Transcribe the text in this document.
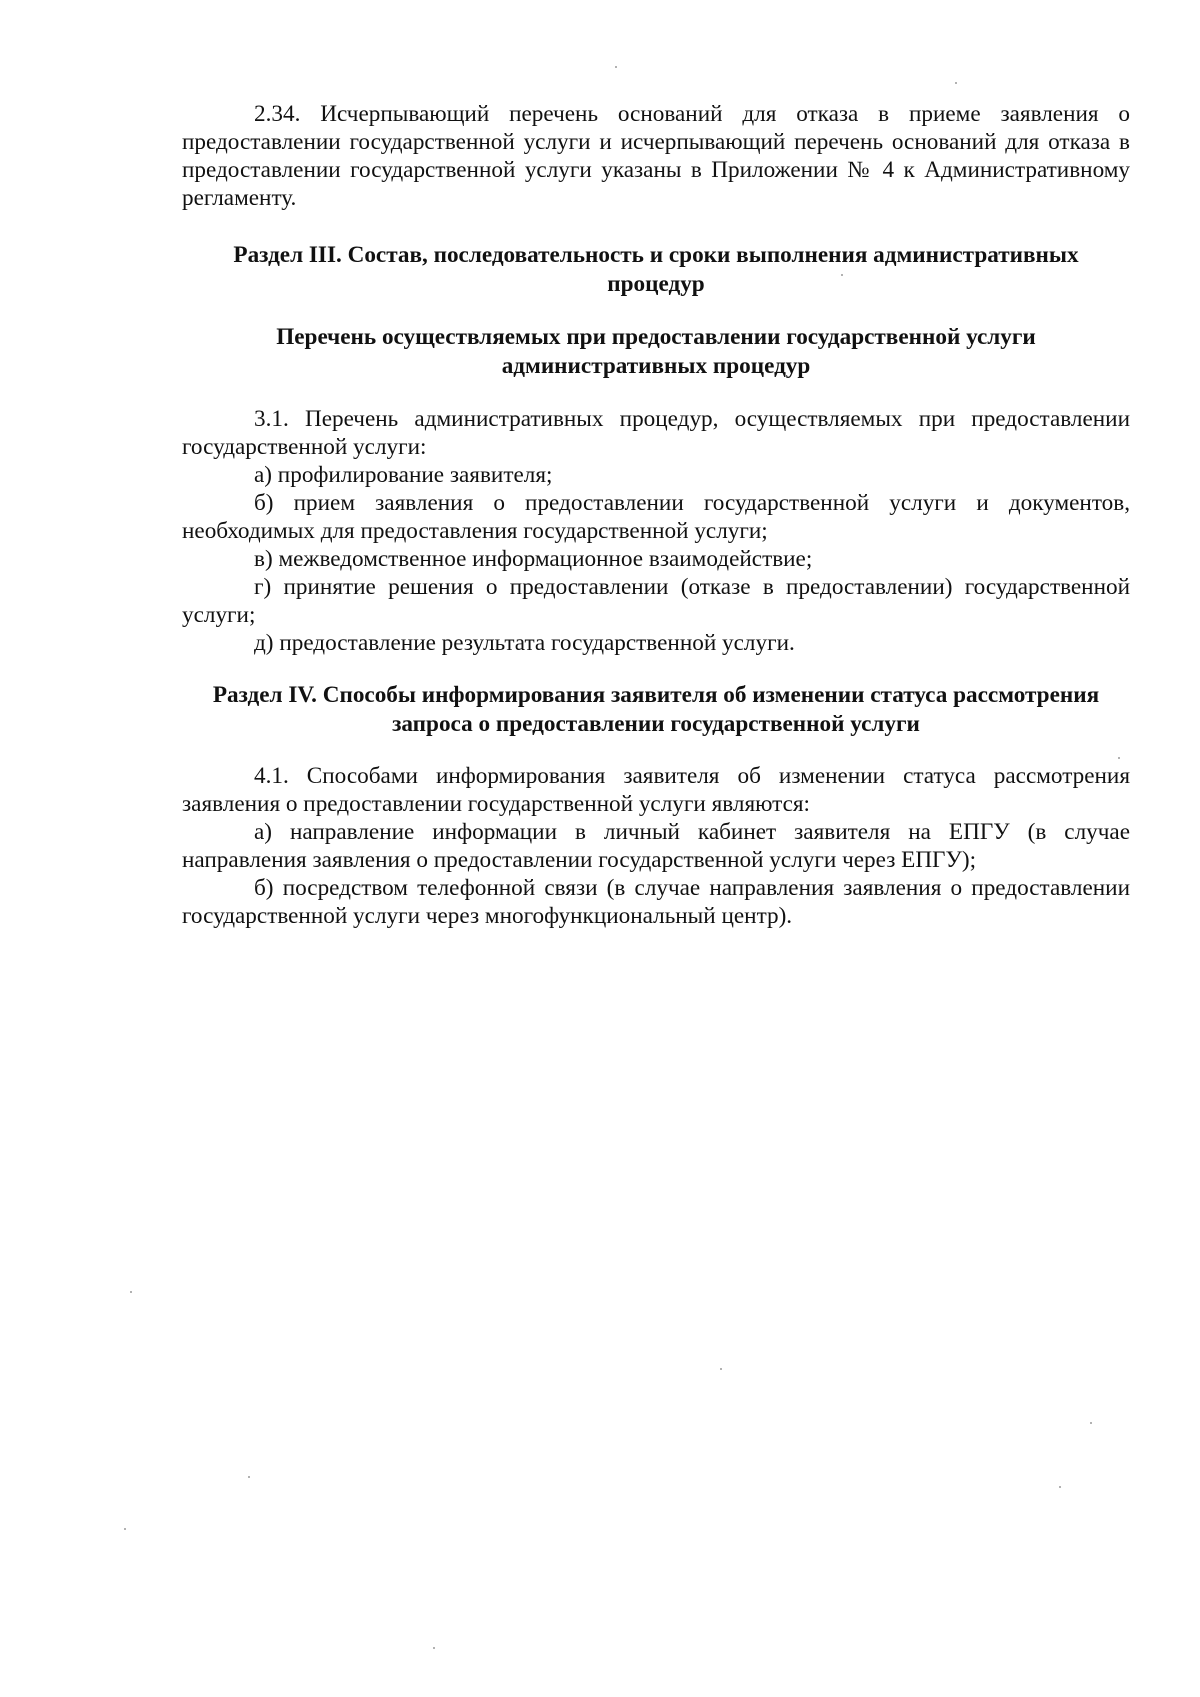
2.34. Исчерпывающий перечень оснований для отказа в приеме заявления о предоставлении государственной услуги и исчерпывающий перечень оснований для отказа в предоставлении государственной услуги указаны в Приложении № 4 к Административному регламенту.

Раздел III. Состав, последовательность и сроки выполнения административных процедур

Перечень осуществляемых при предоставлении государственной услуги административных процедур

3.1. Перечень административных процедур, осуществляемых при предоставлении государственной услуги:

а) профилирование заявителя;

б) прием заявления о предоставлении государственной услуги и документов, необходимых для предоставления государственной услуги;

в) межведомственное информационное взаимодействие;

г) принятие решения о предоставлении (отказе в предоставлении) государственной услуги;

д) предоставление результата государственной услуги.

Раздел IV. Способы информирования заявителя об изменении статуса рассмотрения запроса о предоставлении государственной услуги

4.1. Способами информирования заявителя об изменении статуса рассмотрения заявления о предоставлении государственной услуги являются:

а) направление информации в личный кабинет заявителя на ЕПГУ (в случае направления заявления о предоставлении государственной услуги через ЕПГУ);

б) посредством телефонной связи (в случае направления заявления о предоставлении государственной услуги через многофункциональный центр).
